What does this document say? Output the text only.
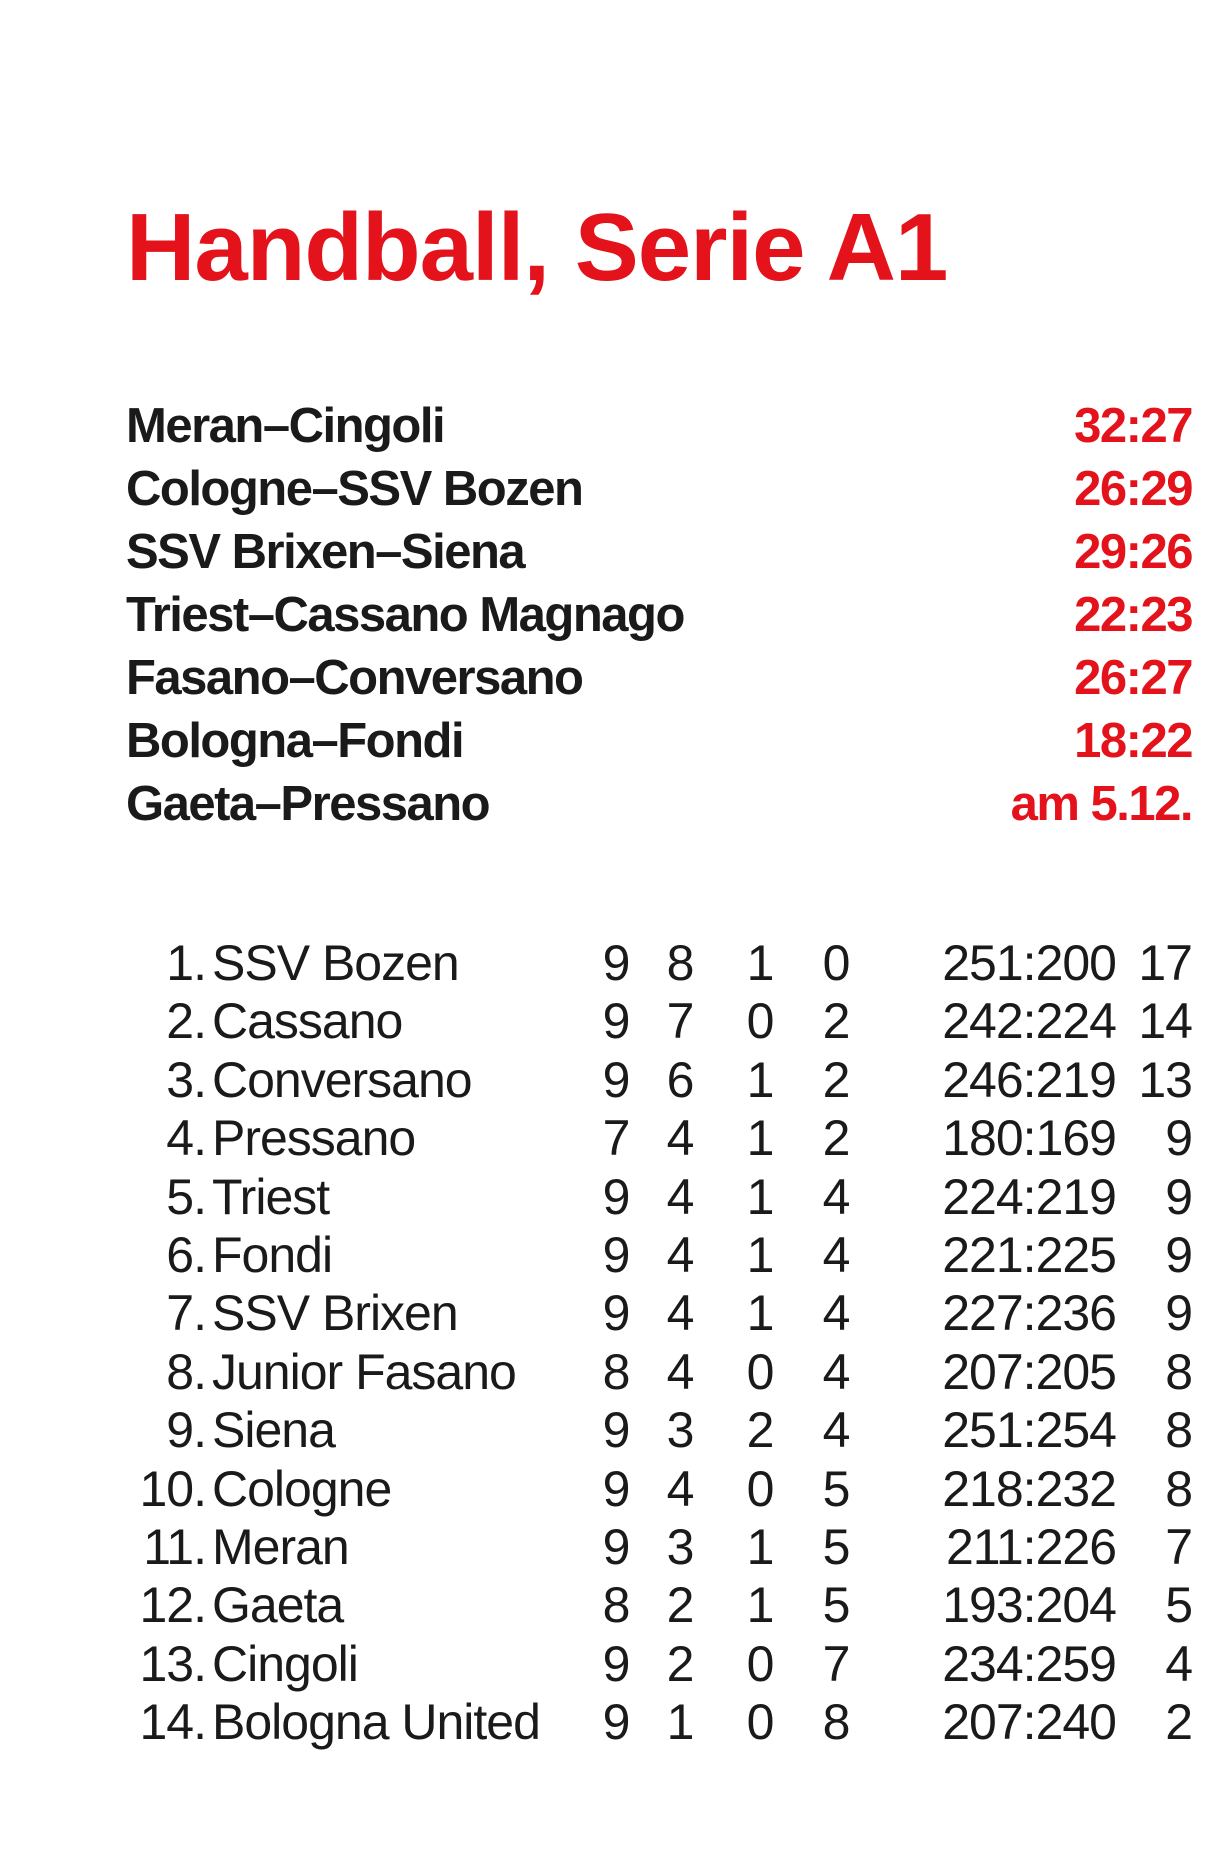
Handball, Serie A1
Meran–Cingoli	32:27
Cologne–SSV Bozen	26:29
SSV Brixen–Siena	29:26
Triest–Cassano Magnago	22:23
Fasano–Conversano	26:27
Bologna–Fondi	18:22
Gaeta–Pressano	am 5.12.
1. SSV Bozen	9 8 1 0	251:200 17
2. Cassano	9 7 0 2	242:224 14
3. Conversano	9 6 1 2	246:219 13
4. Pressano	7 4 1 2	180:169 9
5. Triest	9 4 1 4	224:219 9
6. Fondi	9 4 1 4	221:225 9
7. SSV Brixen	9 4 1 4	227:236 9
8. Junior Fasano 8 4 0 4	207:205 8
9. Siena	9 3 2 4	251:254 8
10. Cologne	9 4 0 5	218:232 8
11. Meran	9 3 1 5	211:226 7
12. Gaeta	8 2 1 5	193:204 5
13. Cingoli	9 2 0 7	234:259 4
14. Bologna United 9 1 0 8	207:240 2
